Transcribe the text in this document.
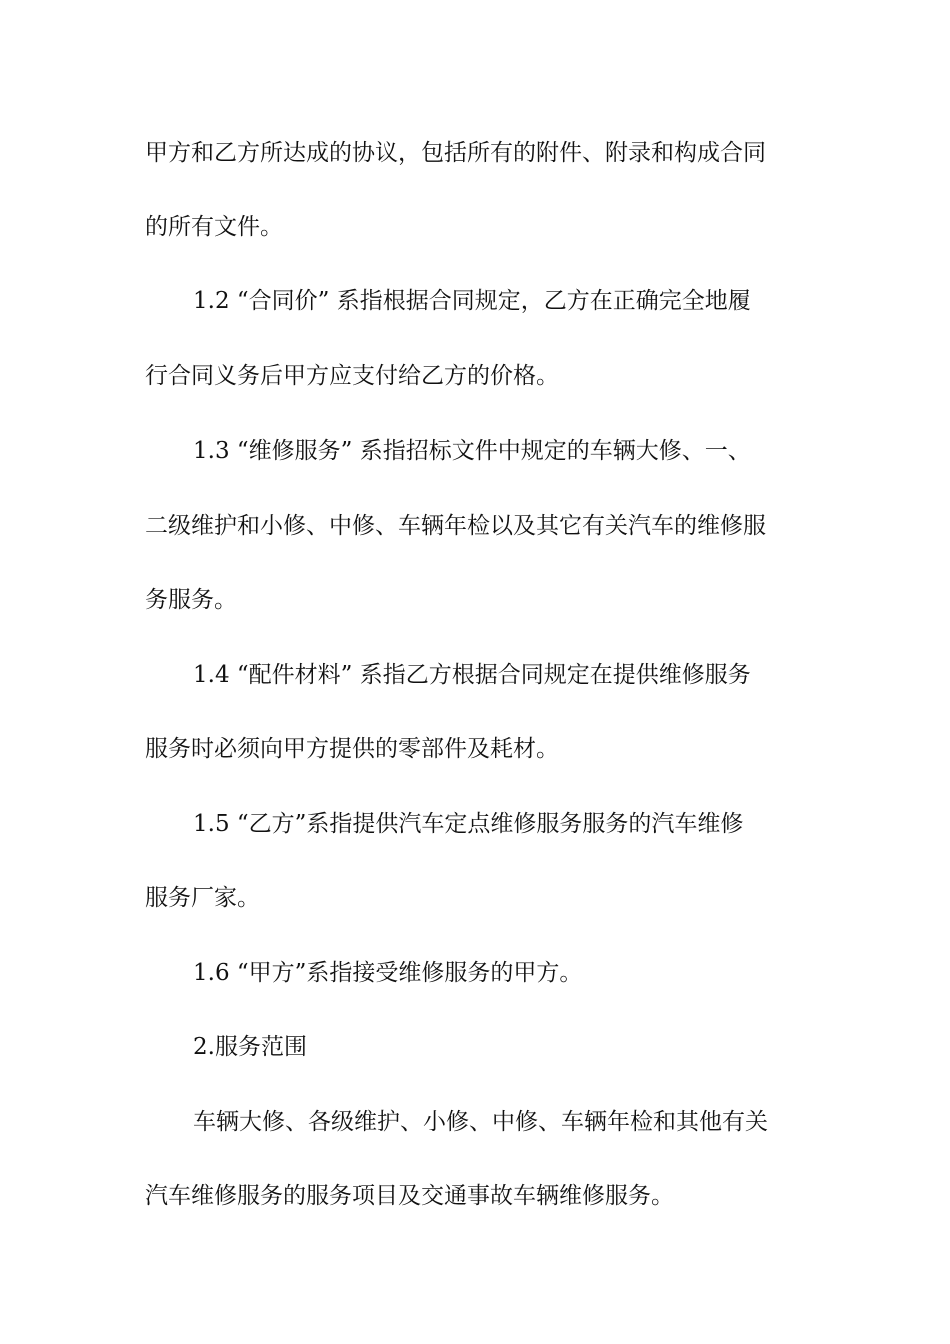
甲方和乙方所达成的协议，包括所有的附件、附录和构成合同
的所有文件。
1.2 “合同价” 系指根据合同规定，乙方在正确完全地履
行合同义务后甲方应支付给乙方的价格。
1.3 “维修服务” 系指招标文件中规定的车辆大修、一、
二级维护和小修、中修、车辆年检以及其它有关汽车的维修服
务服务。
1.4 “配件材料” 系指乙方根据合同规定在提供维修服务
服务时必须向甲方提供的零部件及耗材。
1.5 “乙方”系指提供汽车定点维修服务服务的汽车维修
服务厂家。
1.6 “甲方”系指接受维修服务的甲方。
2.服务范围
车辆大修、各级维护、小修、中修、车辆年检和其他有关
汽车维修服务的服务项目及交通事故车辆维修服务。
